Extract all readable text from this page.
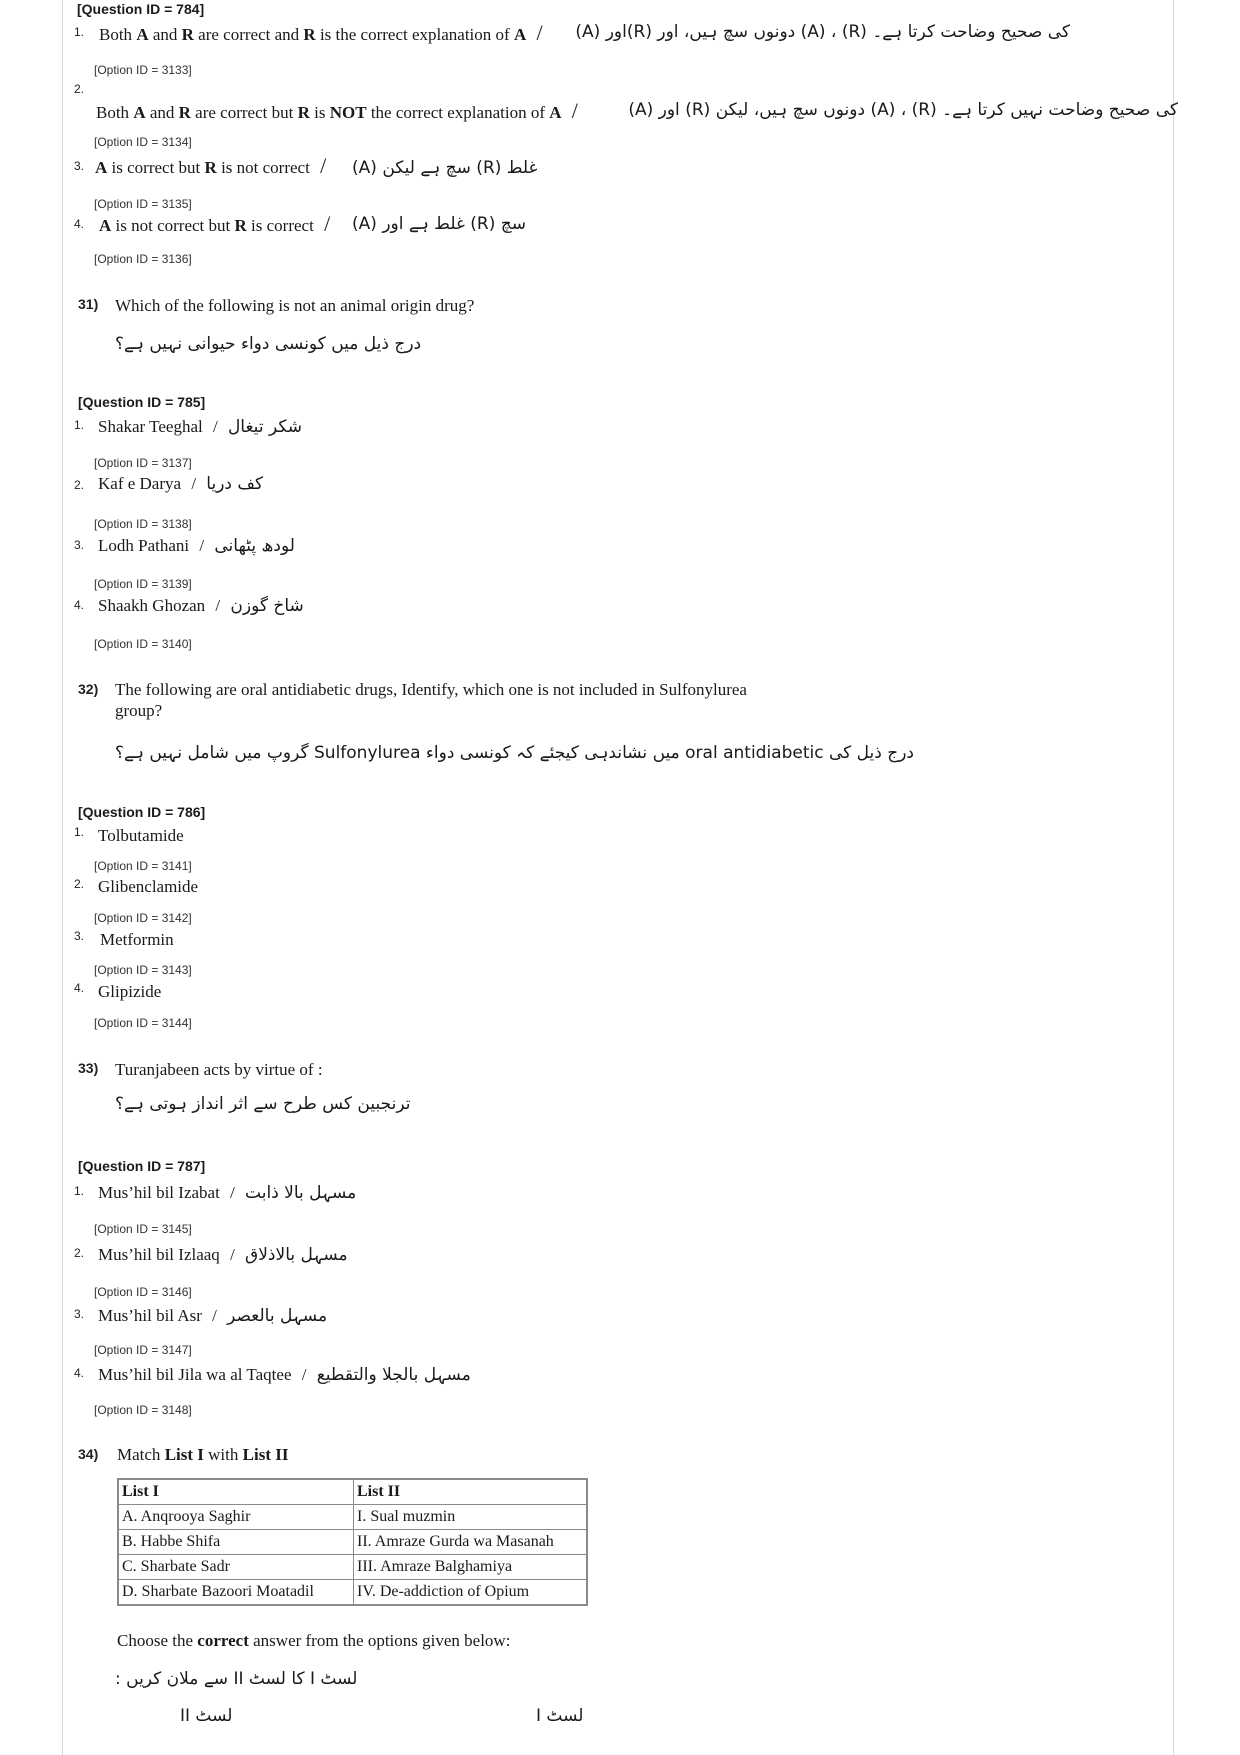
[Question ID = 784]
1. Both A and R are correct and R is the correct explanation of A /	(A) اور(R) دونوں سچ ہیں، اور (A) ، (R) کی صحیح وضاحت کرتا ہے۔
[Option ID = 3133]
2.
Both A and R are correct but R is NOT the correct explanation of A /	(A) اور (R) دونوں سچ ہیں، لیکن (A) ، (R) کی صحیح وضاحت نہیں کرتا ہے۔
[Option ID = 3134]
3. A is correct but R is not correct /	(A) سچ ہے لیکن (R) غلط
[Option ID = 3135]
4. A is not correct but R is correct /	(A) غلط ہے اور (R) سچ
[Option ID = 3136]
31) Which of the following is not an animal origin drug?
درج ذیل میں کونسی دواء حیوانی نہیں ہے؟
[Question ID = 785]
1. Shakar Teeghal / شکر تیغال
[Option ID = 3137]
2. Kaf e Darya / کف دریا
[Option ID = 3138]
3. Lodh Pathani / لودھ پٹھانی
[Option ID = 3139]
4. Shaakh Ghozan / شاخ گوزن
[Option ID = 3140]
32) The following are oral antidiabetic drugs, Identify, which one is not included in Sulfonylurea
group?
درج ذیل کی oral antidiabetic میں نشاندہی کیجئے کہ کونسی دواء Sulfonylurea گروپ میں شامل نہیں ہے؟
[Question ID = 786]
1. Tolbutamide
[Option ID = 3141]
2. Glibenclamide
[Option ID = 3142]
3. Metformin
[Option ID = 3143]
4. Glipizide
[Option ID = 3144]
33) Turanjabeen acts by virtue of :
ترنجبین کس طرح سے اثر انداز ہوتی ہے؟
[Question ID = 787]
1. Mus’hil bil Izabat / مسہل بالا ذابت
[Option ID = 3145]
2. Mus’hil bil Izlaaq / مسہل بالاذلاق
[Option ID = 3146]
3. Mus’hil bil Asr / مسہل بالعصر
[Option ID = 3147]
4. Mus’hil bil Jila wa al Taqtee / مسہل بالجلا والتقطیع
[Option ID = 3148]
34) Match List I with List II
List I	List II
A. Anqrooya Saghir	I. Sual muzmin
B. Habbe Shifa	II. Amraze Gurda wa Masanah
C. Sharbate Sadr	III. Amraze Balghamiya
D. Sharbate Bazoori Moatadil	IV. De-addiction of Opium
Choose the correct answer from the options given below:
لسٹ I کا لسٹ II سے ملان کریں :
لسٹ II	لسٹ I
